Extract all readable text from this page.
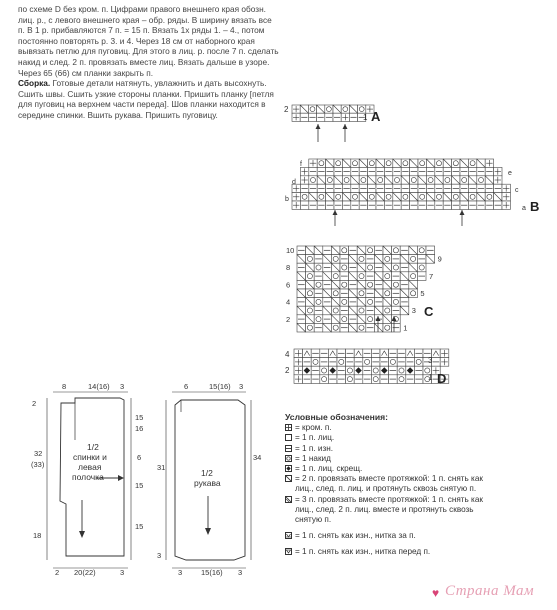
по схеме D без кром. п. Цифрами правого внешнего края обозн. лиц. р., с левого внешнего края – обр. ряды. В ширину вязать все п. В 1 р. прибавляются 7 п. = 15 п. Вязать 1х ряды 1. – 4., потом постоянно повторять р. 3. и 4. Через 18 см от наборного края вывязать петлю для пуговиц. Для этого в лиц. р. после 7 п. сделать накид и след. 2 п. провязать вместе лиц. Вязать дальше в узоре. Через 65 (66) см планки закрыть п.

Сборка. Готовые детали натянуть, увлажнить и дать высохнуть. Сшить швы. Сшить узкие стороны планки. Пришить планку [петля для пуговиц на верхнем части переда]. Шов планки находится в середине спинки. Вшить рукава. Пришить пуговицу.

2
1 A
f
e
d
c
b
a B
10
9
8
7
6
5
4
3
2
1
C
4
3
2
1 D
8	14(16) 3
2
32
(33)
18
15
16
6
15
15
1/2
спинки и
левая
полочка
2 20(22)	3
6	15(16) 3
31
34
1/2
рукава
3	15(16) 3
3
Условные обозначения:
= кром. п.
= 1 п. лиц.
= 1 п. изн.
= 1 накид
= 1 п. лиц. скрещ.
= 2 п. провязать вместе протяжкой: 1 п. снять как лиц., след. п. лиц. и протянуть сквозь снятую п.
= 3 п. провязать вместе протяжкой: 1 п. снять как лиц., след. 2 п. лиц. вместе и протянуть сквозь снятую п.
= 1 п. снять как изн., нитка за п.
= 1 п. снять как изн., нитка перед п.
♥ Страна Мам
